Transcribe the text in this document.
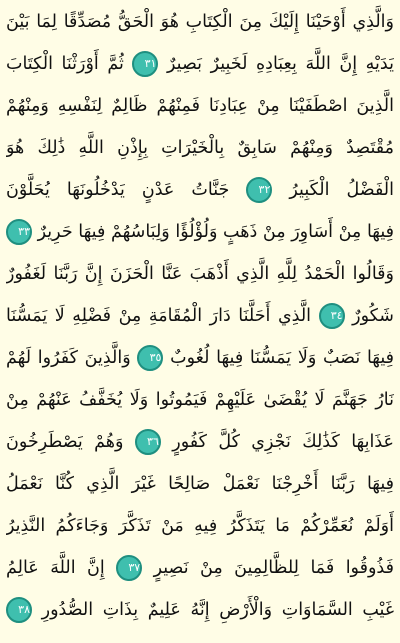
وَالَّذِي أَوْحَيْنَا إِلَيْكَ مِنَ الْكِتَابِ هُوَ الْحَقُّ مُصَدِّقًا لِمَا بَيْنَ
يَدَيْهِ إِنَّ اللَّهَ بِعِبَادِهِ لَخَبِيرٌ بَصِيرٌ ٣١ ثُمَّ أَوْرَثْنَا الْكِتَابَ
الَّذِينَ اصْطَفَيْنَا مِنْ عِبَادِنَا فَمِنْهُمْ ظَالِمٌ لِنَفْسِهِ وَمِنْهُمْ
مُقْتَصِدٌ وَمِنْهُمْ سَابِقٌ بِالْخَيْرَاتِ بِإِذْنِ اللَّهِ ذَٰلِكَ هُوَ
الْفَضْلُ الْكَبِيرُ ٣٢ جَنَّاتُ عَدْنٍ يَدْخُلُونَهَا يُحَلَّوْنَ
فِيهَا مِنْ أَسَاوِرَ مِنْ ذَهَبٍ وَلُؤْلُؤًا وَلِبَاسُهُمْ فِيهَا حَرِيرٌ ٣٣
وَقَالُوا الْحَمْدُ لِلَّهِ الَّذِي أَذْهَبَ عَنَّا الْحَزَنَ إِنَّ رَبَّنَا لَغَفُورٌ
شَكُورٌ ٣٤ الَّذِي أَحَلَّنَا دَارَ الْمُقَامَةِ مِنْ فَضْلِهِ لَا يَمَسُّنَا
فِيهَا نَصَبٌ وَلَا يَمَسُّنَا فِيهَا لُغُوبٌ ٣٥ وَالَّذِينَ كَفَرُوا لَهُمْ
نَارُ جَهَنَّمَ لَا يُقْضَىٰ عَلَيْهِمْ فَيَمُوتُوا وَلَا يُخَفَّفُ عَنْهُمْ مِنْ
عَذَابِهَا كَذَٰلِكَ نَجْزِي كُلَّ كَفُورٍ ٣٦ وَهُمْ يَصْطَرِخُونَ
فِيهَا رَبَّنَا أَخْرِجْنَا نَعْمَلْ صَالِحًا غَيْرَ الَّذِي كُنَّا نَعْمَلُ
أَوَلَمْ نُعَمِّرْكُمْ مَا يَتَذَكَّرُ فِيهِ مَنْ تَذَكَّرَ وَجَاءَكُمُ النَّذِيرُ
فَذُوقُوا فَمَا لِلظَّالِمِينَ مِنْ نَصِيرٍ ٣٧ إِنَّ اللَّهَ عَالِمُ
غَيْبِ السَّمَاوَاتِ وَالْأَرْضِ إِنَّهُ عَلِيمٌ بِذَاتِ الصُّدُورِ ٣٨
